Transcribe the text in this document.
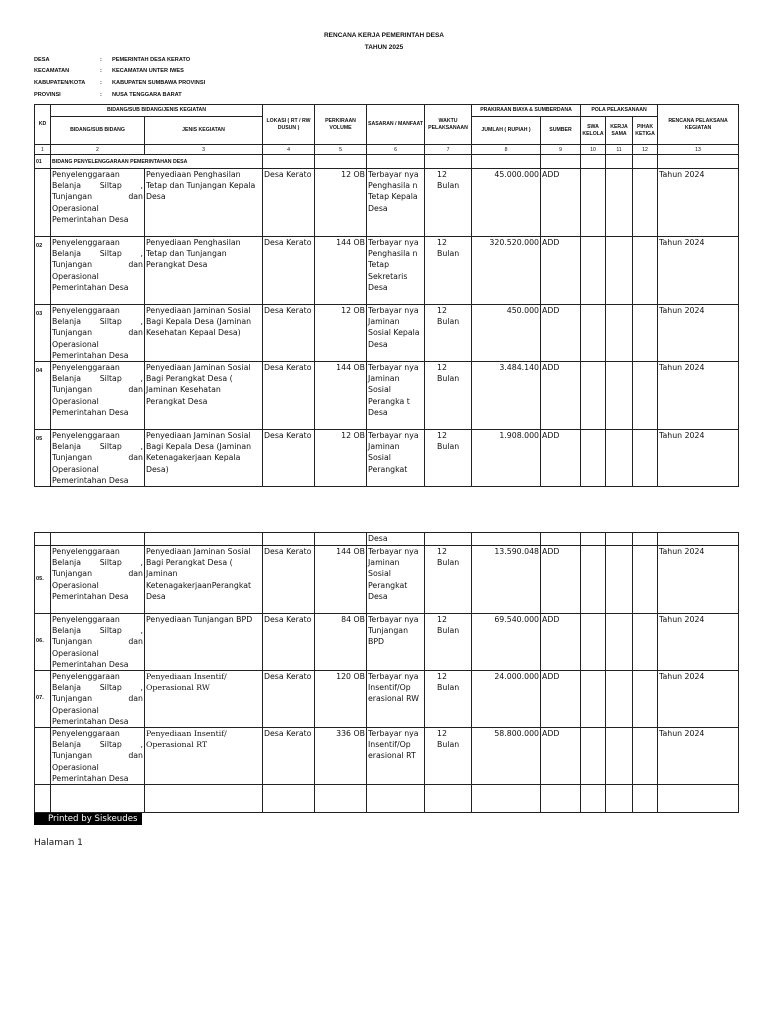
RENCANA KERJA PEMERINTAH DESA
TAHUN 2025
DESA	: PEMERINTAH DESA KERATO
KECAMATAN	: KECAMATAN UNTER IWES
KABUPATEN/KOTA	: KABUPATEN SUMBAWA PROVINSI
PROVINSI	: NUSA TENGGARA BARAT
KD	BIDANG/SUB BIDANG/JENIS KEGIATAN		LOKASI ( RT / RW DUSUN )	PERKIRAAN VOLUME	SASARAN / MANFAAT	WAKTU PELAKSANAAN	PRAKIRAAN BIAYA & SUMBERDANA		POLA PELAKSANAAN			RENCANA PELAKSANA KEGIATAN
	BIDANG/SUB BIDANG	JENIS KEGIATAN					JUMLAH ( RUPIAH )	SUMBER	SWA KELOLA	KERJA SAMA	PIHAK KETIGA	
1	2	3	4	5	6	7	8	9	10	11	12	13
01	BIDANG PENYELENGGARAAN PEMERINTAHAN DESA											
	Penyelenggaraan Belanja Siltap , Tunjangan dan Operasional Pemerintahan Desa	Penyediaan Penghasilan Tetap dan Tunjangan Kepala Desa	Desa Kerato	12 OB	Terbayar nya Penghasila n Tetap Kepala Desa	12 Bulan	45.000.000	ADD				Tahun 2024
02	Penyelenggaraan Belanja Siltap , Tunjangan dan Operasional Pemerintahan Desa	Penyediaan Penghasilan Tetap dan Tunjangan Perangkat Desa	Desa Kerato	144 OB	Terbayar nya Penghasila n Tetap Sekretaris Desa	12 Bulan	320.520.000	ADD				Tahun 2024
03	Penyelenggaraan Belanja Siltap , Tunjangan dan Operasional Pemerintahan Desa	Penyediaan Jaminan Sosial Bagi Kepala Desa (Jaminan Kesehatan Kepaal Desa)	Desa Kerato	12 OB	Terbayar nya Jaminan Sosial Kepala Desa	12 Bulan	450.000	ADD				Tahun 2024
04	Penyelenggaraan Belanja Siltap , Tunjangan dan Operasional Pemerintahan Desa	Penyediaan Jaminan Sosial Bagi Perangkat Desa ( Jaminan Kesehatan Perangkat Desa	Desa Kerato	144 OB	Terbayar nya Jaminan Sosial Perangka t Desa	12 Bulan	3.484.140	ADD				Tahun 2024
05	Penyelenggaraan Belanja Siltap , Tunjangan dan Operasional Pemerintahan Desa	Penyediaan Jaminan Sosial Bagi Kepala Desa (Jaminan Ketenagakerjaan Kepala Desa)	Desa Kerato	12 OB	Terbayar nya Jaminan Sosial Perangkat	12 Bulan	1.908.000	ADD				Tahun 2024
					Desa							
05.	Penyelenggaraan Belanja Siltap , Tunjangan dan Operasional Pemerintahan Desa	Penyediaan Jaminan Sosial Bagi Perangkat Desa ( Jaminan KetenagakerjaanPerangkat Desa	Desa Kerato	144 OB	Terbayar nya Jaminan Sosial Perangkat Desa	12 Bulan	13.590.048	ADD				Tahun 2024
06.	Penyelenggaraan Belanja Siltap , Tunjangan dan Operasional Pemerintahan Desa	Penyediaan Tunjangan BPD	Desa Kerato	84 OB	Terbayar nya Tunjangan BPD	12 Bulan	69.540.000	ADD				Tahun 2024
07.	Penyelenggaraan Belanja Siltap , Tunjangan dan Operasional Pemerintahan Desa	Penyediaan Insentif/ Operasional RW	Desa Kerato	120 OB	Terbayar nya Insentif/Op erasional RW	12 Bulan	24.000.000	ADD				Tahun 2024
	Penyelenggaraan Belanja Siltap , Tunjangan dan Operasional Pemerintahan Desa	Penyediaan Insentif/ Operasional RT	Desa Kerato	336 OB	Terbayar nya Insentif/Op erasional RT	12 Bulan	58.800.000	ADD				Tahun 2024

Printed by Siskeudes
Halaman 1
